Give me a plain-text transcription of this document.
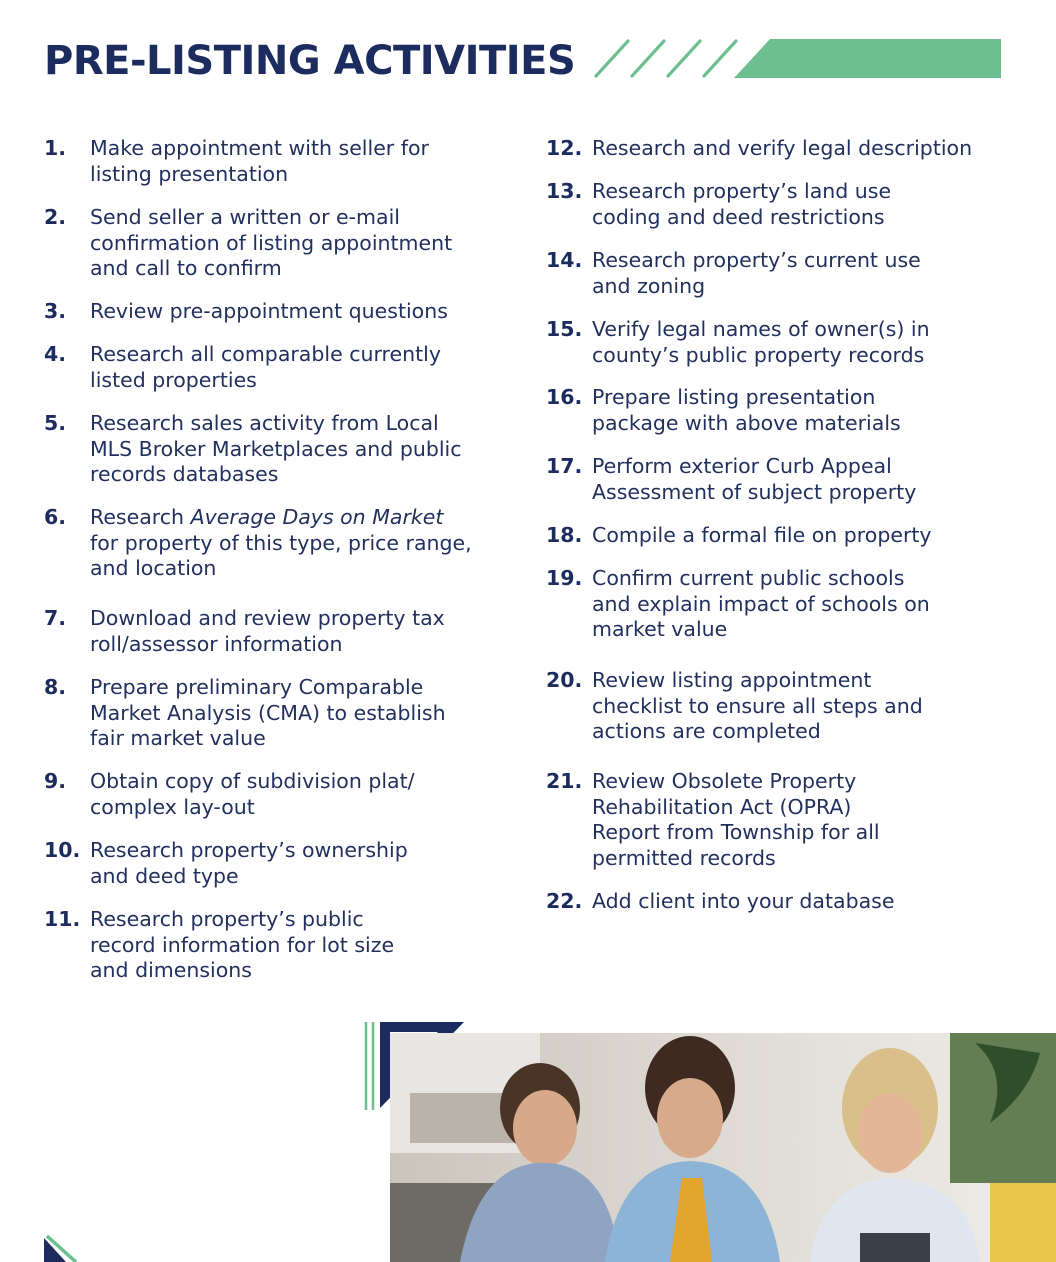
PRE-LISTING ACTIVITIES
1.	Make appointment with seller for
listing presentation
2.	Send seller a written or e-mail
confirmation of listing appointment
and call to confirm
3.	Review pre-appointment questions
4.	Research all comparable currently
listed properties
5.	Research sales activity from Local
MLS Broker Marketplaces and public
records databases
6.	Research Average Days on Market
for property of this type, price range,
and location
7.	Download and review property tax
roll/assessor information
8.	Prepare preliminary Comparable
Market Analysis (CMA) to establish
fair market value
9.	Obtain copy of subdivision plat/
complex lay-out
10. Research property’s ownership
and deed type
11. Research property’s public
record information for lot size
and dimensions
12. Research and verify legal description
13. Research property’s land use
coding and deed restrictions
14. Research property’s current use
and zoning
15. Verify legal names of owner(s) in
county’s public property records
16. Prepare listing presentation
package with above materials
17. Perform exterior Curb Appeal
Assessment of subject property
18. Compile a formal file on property
19. Confirm current public schools
and explain impact of schools on
market value
20. Review listing appointment
checklist to ensure all steps and
actions are completed
21. Review Obsolete Property
Rehabilitation Act (OPRA)
Report from Township for all
permitted records
22. Add client into your database
